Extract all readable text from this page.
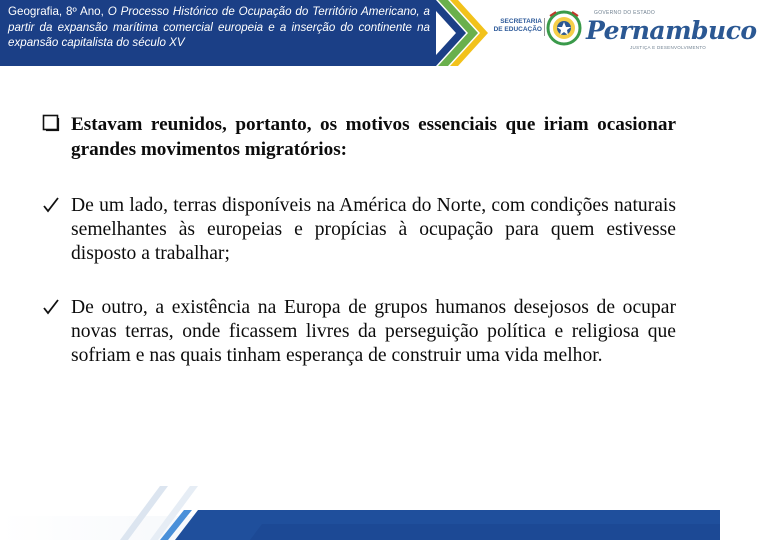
Geografia, 8º Ano, O Processo Histórico de Ocupação do Território Americano, a partir da expansão marítima comercial europeia e a inserção do continente na expansão capitalista do século XV

SECRETARIA
DE EDUCAÇÃO
GOVERNO DO ESTADO
Pernambuco
JUSTIÇA E DESENVOLVIMENTO

Estavam reunidos, portanto, os motivos essenciais que iriam ocasionar grandes movimentos migratórios:

De um lado, terras disponíveis na América do Norte, com condições naturais semelhantes às europeias e propícias à ocupação para quem estivesse disposto a trabalhar;

De outro, a existência na Europa de grupos humanos desejosos de ocupar novas terras, onde ficassem livres da perseguição política e religiosa que sofriam e nas quais tinham esperança de construir uma vida melhor.
